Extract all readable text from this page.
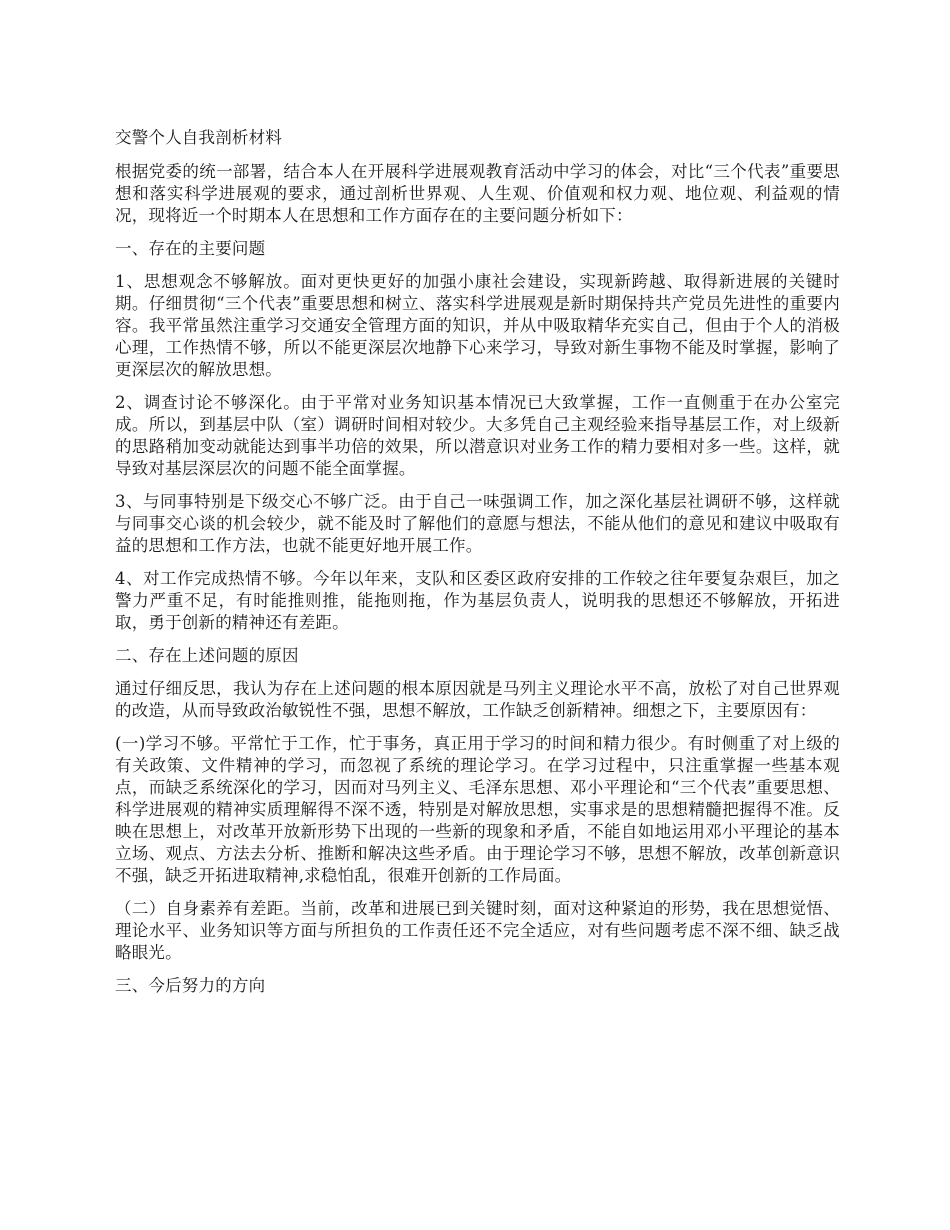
交警个人自我剖析材料

根据党委的统一部署，结合本人在开展科学进展观教育活动中学习的体会，对比“三个代表”重要思想和落实科学进展观的要求，通过剖析世界观、人生观、价值观和权力观、地位观、利益观的情况，现将近一个时期本人在思想和工作方面存在的主要问题分析如下：

一、存在的主要问题

1、思想观念不够解放。面对更快更好的加强小康社会建设，实现新跨越、取得新进展的关键时期。仔细贯彻“三个代表”重要思想和树立、落实科学进展观是新时期保持共产党员先进性的重要内容。我平常虽然注重学习交通安全管理方面的知识，并从中吸取精华充实自己，但由于个人的消极心理，工作热情不够，所以不能更深层次地静下心来学习，导致对新生事物不能及时掌握，影响了更深层次的解放思想。

2、调查讨论不够深化。由于平常对业务知识基本情况已大致掌握，工作一直侧重于在办公室完成。所以，到基层中队（室）调研时间相对较少。大多凭自己主观经验来指导基层工作，对上级新的思路稍加变动就能达到事半功倍的效果，所以潜意识对业务工作的精力要相对多一些。这样，就导致对基层深层次的问题不能全面掌握。

3、与同事特别是下级交心不够广泛。由于自己一味强调工作，加之深化基层社调研不够，这样就与同事交心谈的机会较少，就不能及时了解他们的意愿与想法，不能从他们的意见和建议中吸取有益的思想和工作方法，也就不能更好地开展工作。

4、对工作完成热情不够。今年以年来，支队和区委区政府安排的工作较之往年要复杂艰巨，加之警力严重不足，有时能推则推，能拖则拖，作为基层负责人，说明我的思想还不够解放，开拓进取，勇于创新的精神还有差距。

二、存在上述问题的原因

通过仔细反思，我认为存在上述问题的根本原因就是马列主义理论水平不高，放松了对自己世界观的改造，从而导致政治敏锐性不强，思想不解放，工作缺乏创新精神。细想之下，主要原因有：

(一)学习不够。平常忙于工作，忙于事务，真正用于学习的时间和精力很少。有时侧重了对上级的有关政策、文件精神的学习，而忽视了系统的理论学习。在学习过程中，只注重掌握一些基本观点，而缺乏系统深化的学习，因而对马列主义、毛泽东思想、邓小平理论和“三个代表”重要思想、科学进展观的精神实质理解得不深不透，特别是对解放思想，实事求是的思想精髓把握得不准。反映在思想上，对改革开放新形势下出现的一些新的现象和矛盾，不能自如地运用邓小平理论的基本立场、观点、方法去分析、推断和解决这些矛盾。由于理论学习不够，思想不解放，改革创新意识不强，缺乏开拓进取精神,求稳怕乱，很难开创新的工作局面。

（二）自身素养有差距。当前，改革和进展已到关键时刻，面对这种紧迫的形势，我在思想觉悟、理论水平、业务知识等方面与所担负的工作责任还不完全适应，对有些问题考虑不深不细、缺乏战略眼光。

三、今后努力的方向
